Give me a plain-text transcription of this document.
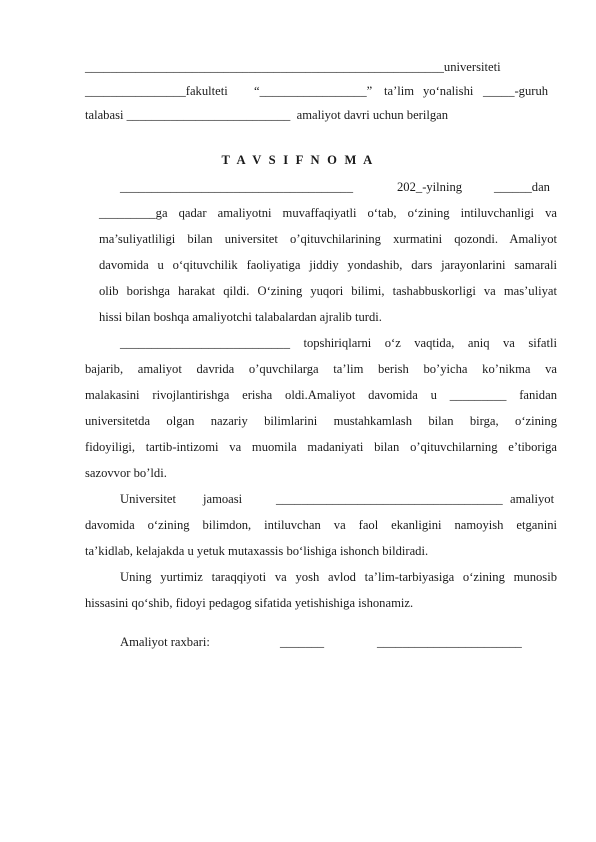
_________________________________________________________universiteti
________________fakulteti “_________________” ta’lim yo‘nalishi _____-guruh
talabasi __________________________  amaliyot davri uchun berilgan
T A V S I F N O M A
_____________________________________	202_-yilning	______dan
_________ga qadar amaliyotni muvaffaqiyatli o‘tab, o‘zining intiluvchanligi va
ma’suliyatliligi bilan universitet o’qituvchilarining xurmatini qozondi. Amaliyot
davomida u o‘qituvchilik faoliyatiga jiddiy yondashib, dars jarayonlarini samarali
olib borishga harakat qildi. O‘zining yuqori bilimi, tashabbuskorligi va mas’uliyat
hissi bilan boshqa amaliyotchi talabalardan ajralib turdi.
___________________________ topshiriqlarni o‘z vaqtida, aniq va sifatli
bajarib, amaliyot davrida o’quvchilarga ta’lim berish bo’yicha ko’nikma va
malakasini rivojlantirishga erisha oldi.Amaliyot davomida u _________ fanidan
universitetda olgan nazariy bilimlarini mustahkamlash bilan birga, o‘zining
fidoyiligi, tartib-intizomi va muomila madaniyati bilan o’qituvchilarning e’tiboriga
sazovvor bo’ldi.
Universitet jamoasi	____________________________________ amaliyot
davomida o‘zining bilimdon, intiluvchan va faol ekanligini namoyish etganini
ta’kidlab, kelajakda u yetuk mutaxassis bo‘lishiga ishonch bildiradi.
Uning yurtimiz taraqqiyoti va yosh avlod ta’lim-tarbiyasiga o‘zining munosib
hissasini qo‘shib, fidoyi pedagog sifatida yetishishiga ishonamiz.
Amaliyot raxbari:	_______	_______________________
